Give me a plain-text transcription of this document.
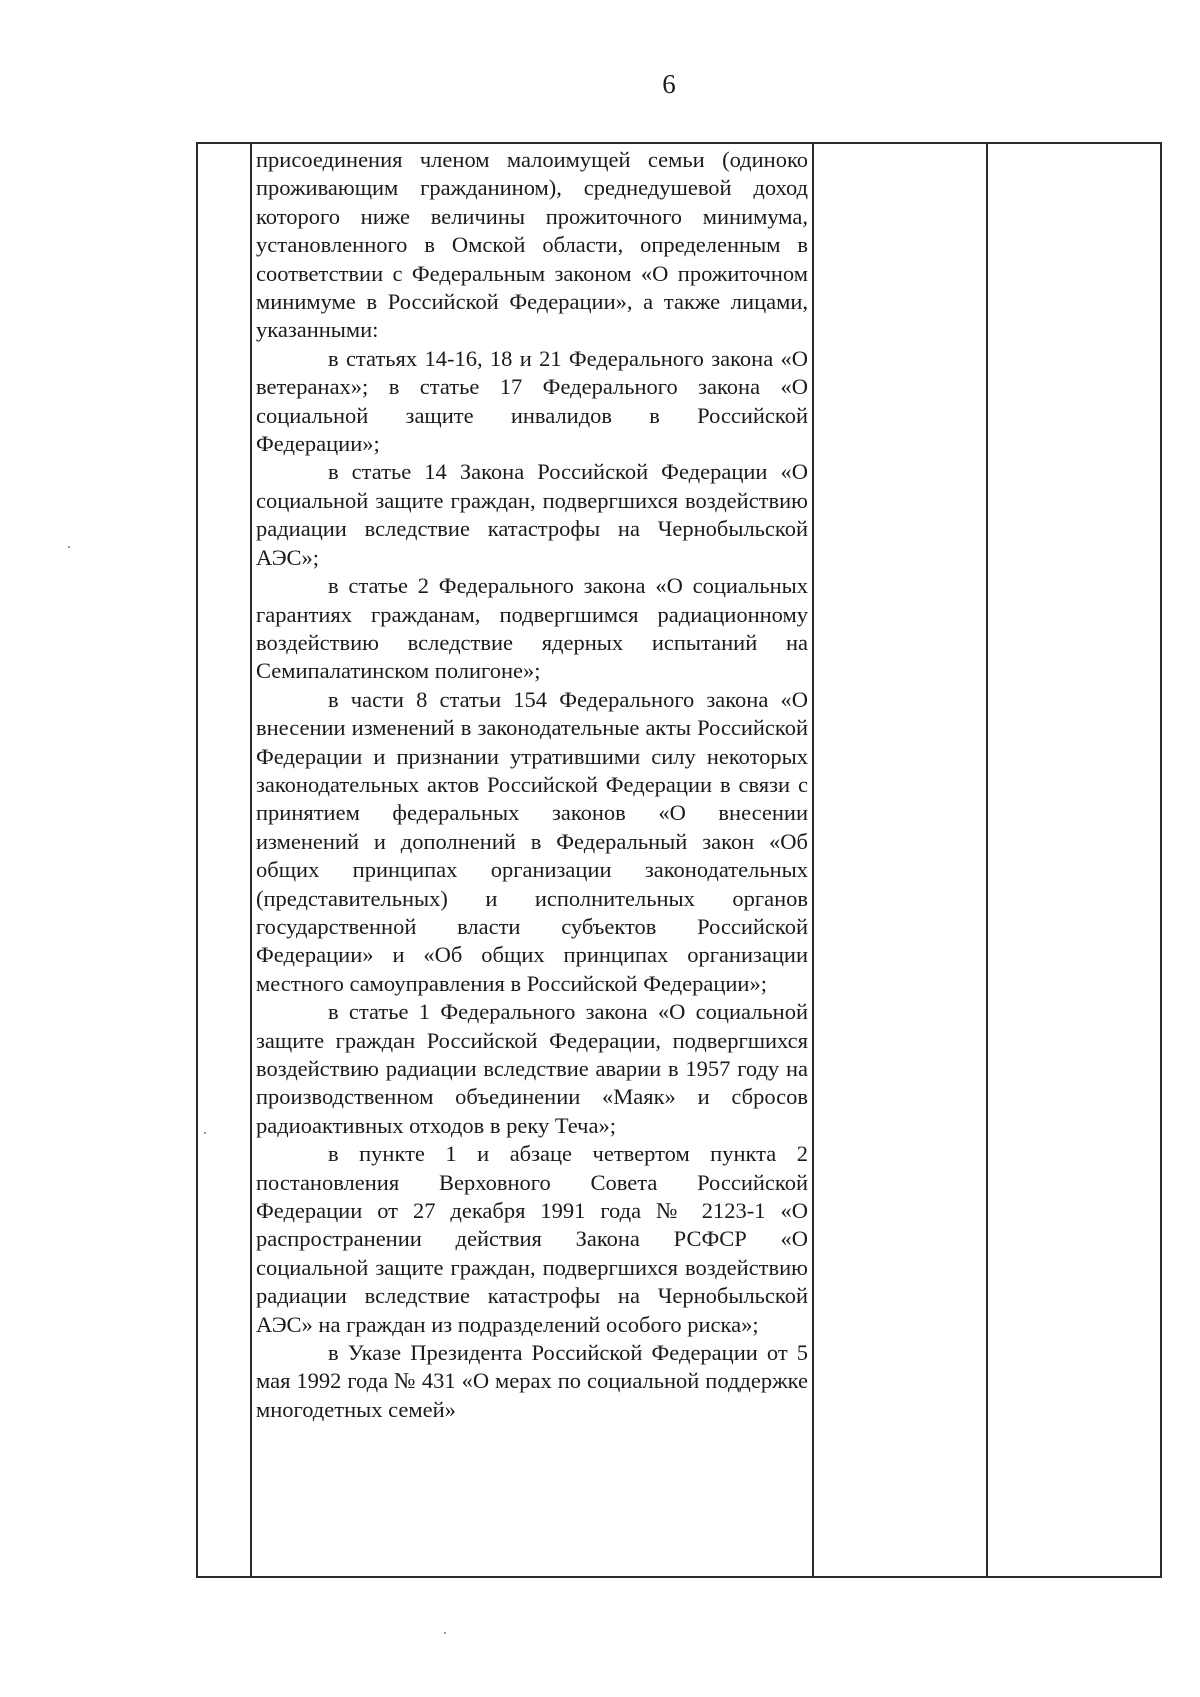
6

присоединения членом малоимущей семьи (одиноко проживающим гражданином), среднедушевой доход которого ниже величины прожиточного минимума, установленного в Омской области, определенным в соответствии с Федеральным законом «О прожиточном минимуме в Российской Федерации», а также лицами, указанными:

в статьях 14-16, 18 и 21 Федерального закона «О ветеранах»; в статье 17 Федерального закона «О социальной защите инвалидов в Российской Федерации»;

в статье 14 Закона Российской Федерации «О социальной защите граждан, подвергшихся воздействию радиации вследствие катастрофы на Чернобыльской АЭС»;

в статье 2 Федерального закона «О социальных гарантиях гражданам, подвергшимся радиационному воздействию вследствие ядерных испытаний на Семипалатинском полигоне»;

в части 8 статьи 154 Федерального закона «О внесении изменений в законодательные акты Российской Федерации и признании утратившими силу некоторых законодательных актов Российской Федерации в связи с принятием федеральных законов «О внесении изменений и дополнений в Федеральный закон «Об общих принципах организации законодательных (представительных) и исполнительных органов государственной власти субъектов Российской Федерации» и «Об общих принципах организации местного самоуправления в Российской Федерации»;

в статье 1 Федерального закона «О социальной защите граждан Российской Федерации, подвергшихся воздействию радиации вследствие аварии в 1957 году на производственном объединении «Маяк» и сбросов радиоактивных отходов в реку Теча»;

в пункте 1 и абзаце четвертом пункта 2 постановления Верховного Совета Российской Федерации от 27 декабря 1991 года № 2123-1 «О распространении действия Закона РСФСР «О социальной защите граждан, подвергшихся воздействию радиации вследствие катастрофы на Чернобыльской АЭС» на граждан из подразделений особого риска»;

в Указе Президента Российской Федерации от 5 мая 1992 года № 431 «О мерах по социальной поддержке многодетных семей»
